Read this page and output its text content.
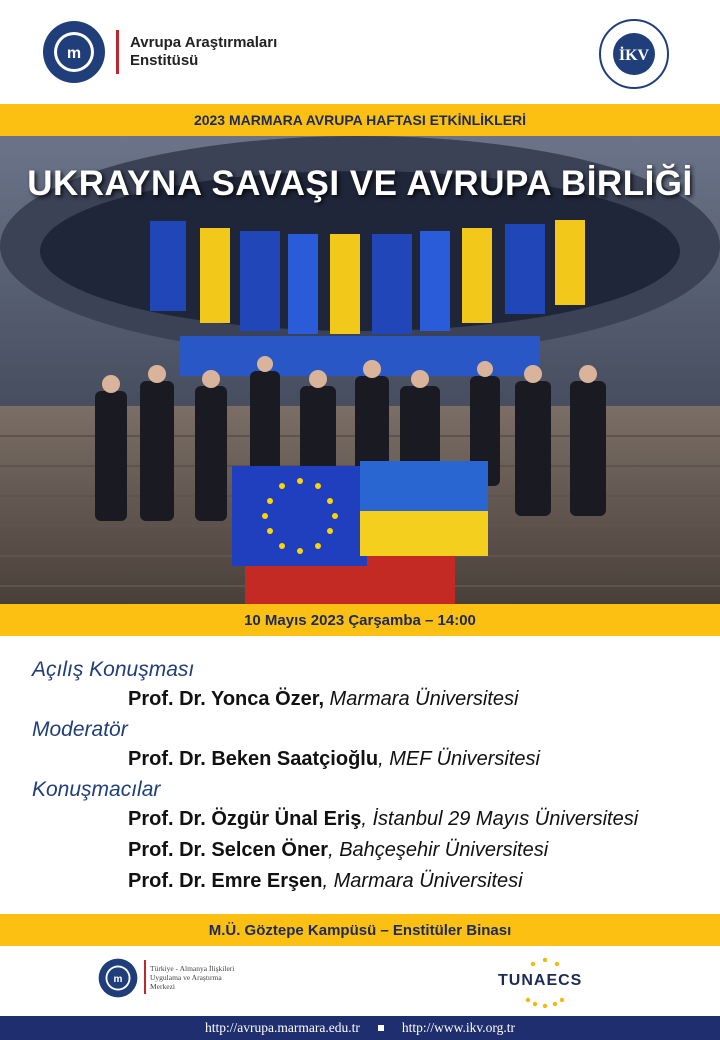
m
Avrupa Araştırmaları
Enstitüsü	İKV
2023 MARMARA AVRUPA HAFTASI ETKİNLİKLERİ
UKRAYNA SAVAŞI VE AVRUPA BİRLİĞİ
10 Mayıs 2023 Çarşamba – 14:00
Açılış Konuşması
Prof. Dr. Yonca Özer, Marmara Üniversitesi
Moderatör
Prof. Dr. Beken Saatçioğlu, MEF Üniversitesi
Konuşmacılar
Prof. Dr. Özgür Ünal Eriş, İstanbul 29 Mayıs Üniversitesi
Prof. Dr. Selcen Öner, Bahçeşehir Üniversitesi
Prof. Dr. Emre Erşen, Marmara Üniversitesi
M.Ü. Göztepe Kampüsü – Enstitüler Binası
m
Türkiye - Almanya İlişkileri Uygulama ve Araştırma Merkezi	TUNAECS
http://avrupa.marmara.edu.tr	http://www.ikv.org.tr
